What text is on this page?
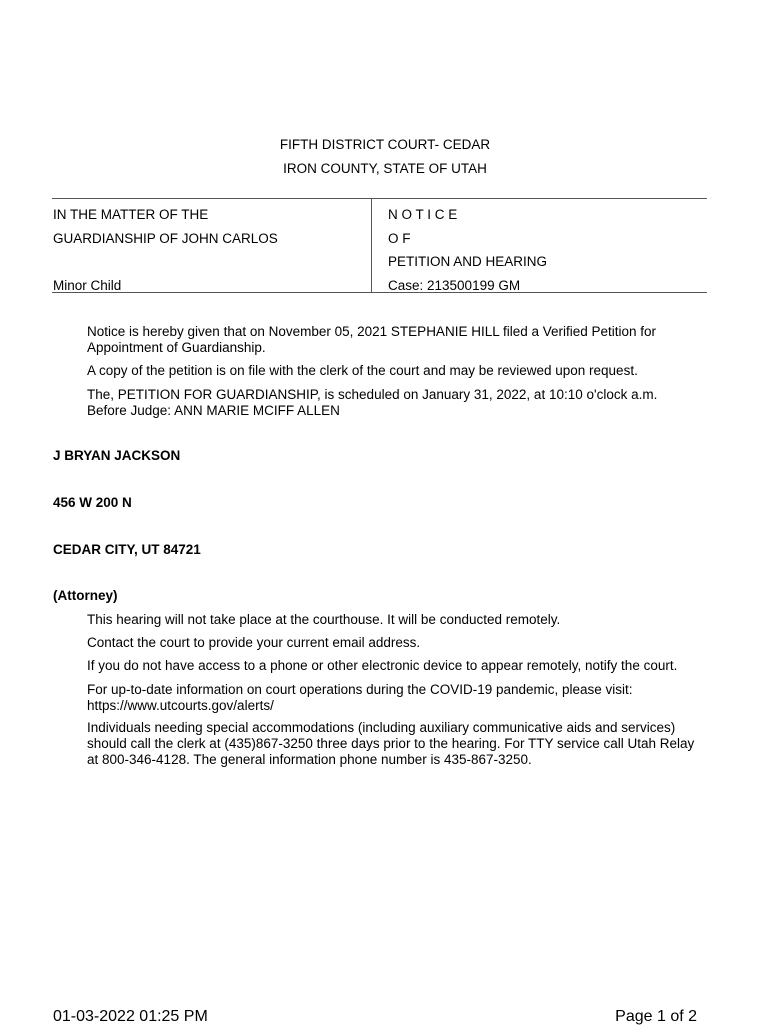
FIFTH DISTRICT COURT- CEDAR
IRON COUNTY, STATE OF UTAH
IN THE MATTER OF THE
GUARDIANSHIP OF JOHN CARLOS
Minor Child
N O T I C E
O F
PETITION AND HEARING
Case: 213500199 GM
Notice is hereby given that on November 05, 2021 STEPHANIE HILL filed a Verified Petition for Appointment of Guardianship.
A copy of the petition is on file with the clerk of the court and may be reviewed upon request.
The, PETITION FOR GUARDIANSHIP, is scheduled on January 31, 2022, at 10:10 o'clock a.m.
Before Judge: ANN MARIE MCIFF ALLEN
J BRYAN JACKSON
456 W 200 N
CEDAR CITY, UT 84721
(Attorney)
This hearing will not take place at the courthouse. It will be conducted remotely.
Contact the court to provide your current email address.
If you do not have access to a phone or other electronic device to appear remotely, notify the court.
For up-to-date information on court operations during the COVID-19 pandemic, please visit: https://www.utcourts.gov/alerts/
Individuals needing special accommodations (including auxiliary communicative aids and services) should call the clerk at (435)867-3250 three days prior to the hearing. For TTY service call Utah Relay at 800-346-4128. The general information phone number is 435-867-3250.
01-03-2022 01:25 PM	Page 1 of 2
